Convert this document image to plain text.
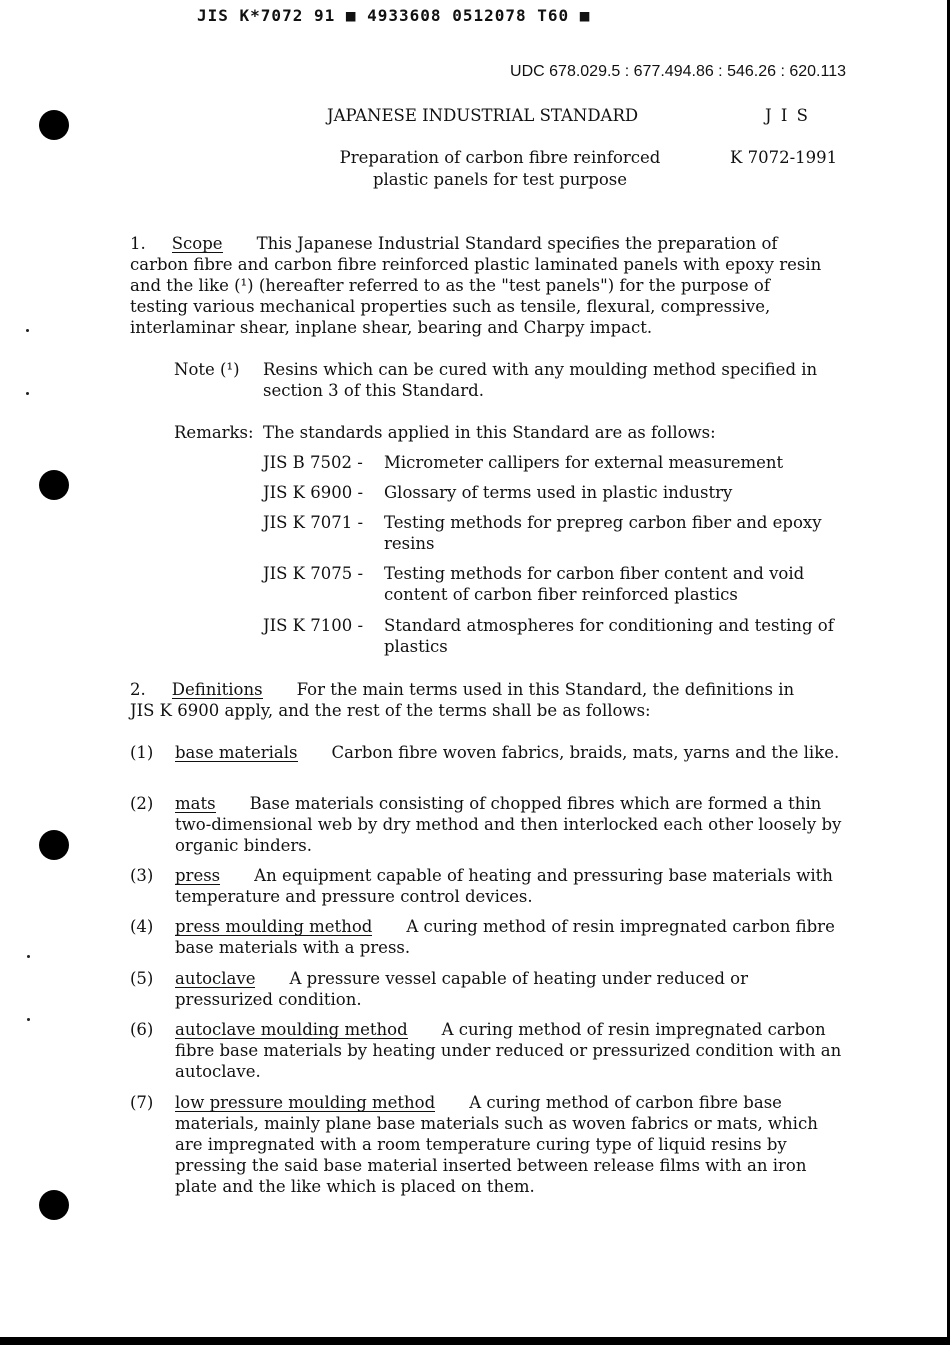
JIS K*7072 91 ■ 4933608 0512078 T60 ■
UDC 678.029.5 : 677.494.86 : 546.26 : 620.113
JAPANESE INDUSTRIAL STANDARD	J I S
Preparation of carbon fibre reinforced
plastic panels for test purpose
K 7072-1991
1. Scope This Japanese Industrial Standard specifies the preparation of
carbon fibre and carbon fibre reinforced plastic laminated panels with epoxy resin
and the like (¹) (hereafter referred to as the "test panels") for the purpose of
testing various mechanical properties such as tensile, flexural, compressive,
interlaminar shear, inplane shear, bearing and Charpy impact.
Note (¹) Resins which can be cured with any moulding method specified in
section 3 of this Standard.
Remarks: The standards applied in this Standard are as follows:
JIS B 7502 - Micrometer callipers for external measurement
JIS K 6900 - Glossary of terms used in plastic industry
JIS K 7071 - Testing methods for prepreg carbon fiber and epoxy resins
JIS K 7075 - Testing methods for carbon fiber content and void content of carbon fiber reinforced plastics
JIS K 7100 - Standard atmospheres for conditioning and testing of plastics
2. Definitions For the main terms used in this Standard, the definitions in
JIS K 6900 apply, and the rest of the terms shall be as follows:
(1) base materials Carbon fibre woven fabrics, braids, mats, yarns and the like.
(2) mats Base materials consisting of chopped fibres which are formed a thin two-dimensional web by dry method and then interlocked each other loosely by organic binders.
(3) press An equipment capable of heating and pressuring base materials with temperature and pressure control devices.
(4) press moulding method A curing method of resin impregnated carbon fibre base materials with a press.
(5) autoclave A pressure vessel capable of heating under reduced or pressurized condition.
(6) autoclave moulding method A curing method of resin impregnated carbon fibre base materials by heating under reduced or pressurized condition with an autoclave.
(7) low pressure moulding method A curing method of carbon fibre base materials, mainly plane base materials such as woven fabrics or mats, which are impregnated with a room temperature curing type of liquid resins by pressing the said base material inserted between release films with an iron plate and the like which is placed on them.
